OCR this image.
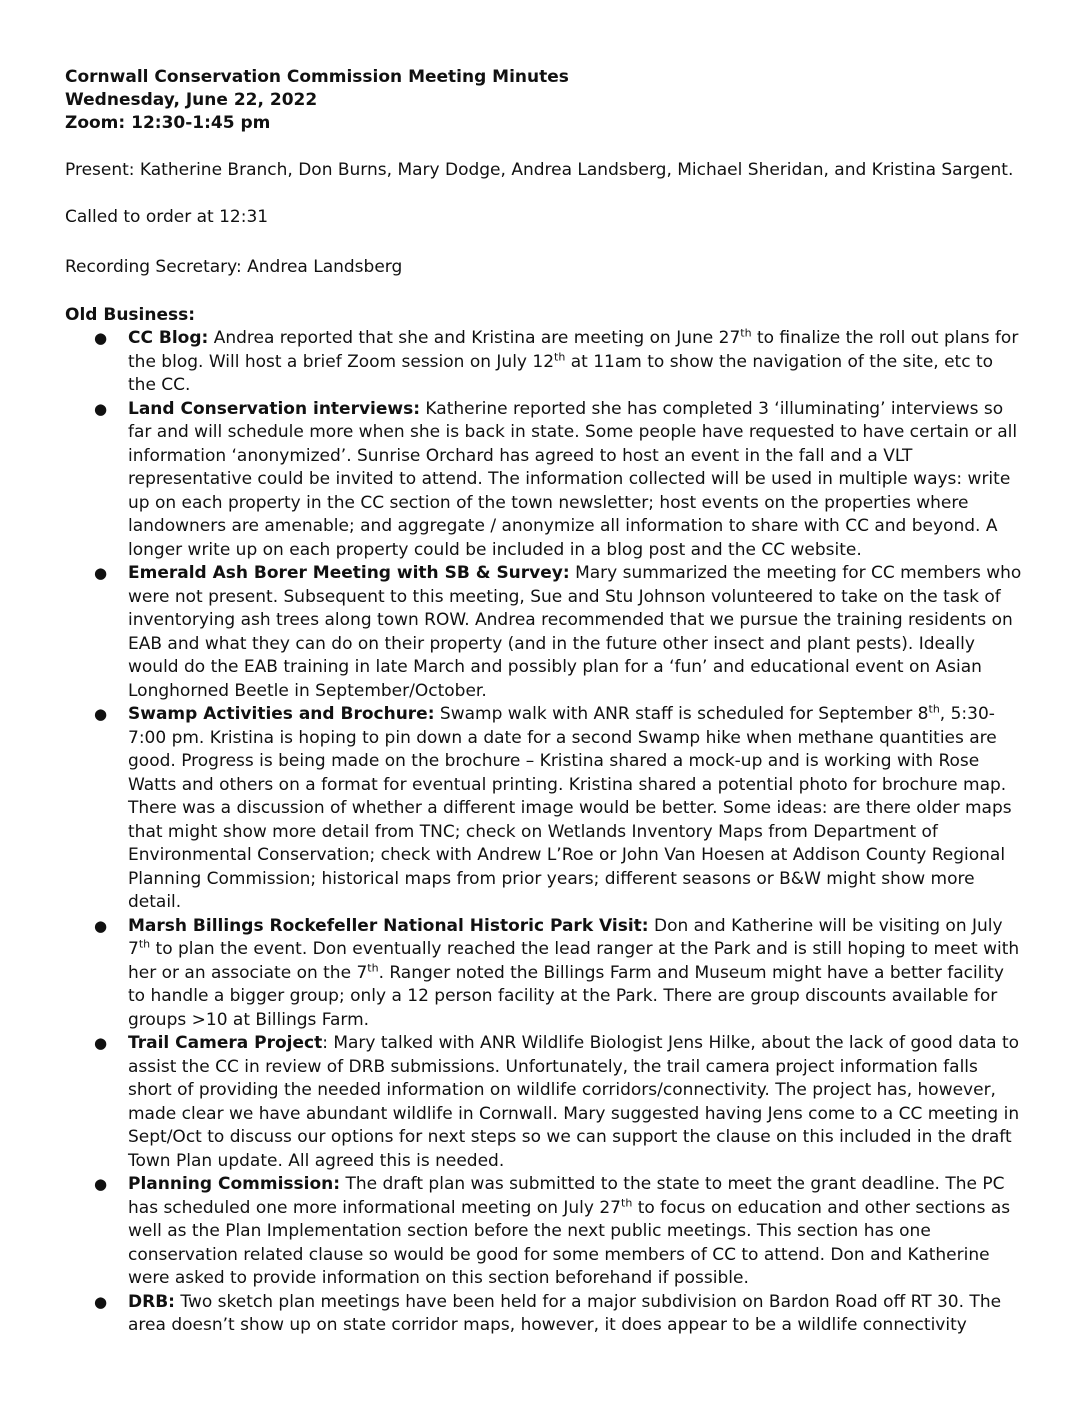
Cornwall Conservation Commission Meeting Minutes
Wednesday, June 22, 2022
Zoom: 12:30-1:45 pm
Present: Katherine Branch, Don Burns, Mary Dodge, Andrea Landsberg, Michael Sheridan, and Kristina Sargent.
Called to order at 12:31
Recording Secretary: Andrea Landsberg
Old Business:
● CC Blog: Andrea reported that she and Kristina are meeting on June 27th to finalize the roll out plans for the blog. Will host a brief Zoom session on July 12th at 11am to show the navigation of the site, etc to the CC.
● Land Conservation interviews: Katherine reported she has completed 3 ‘illuminating’ interviews so far and will schedule more when she is back in state. Some people have requested to have certain or all information ‘anonymized’. Sunrise Orchard has agreed to host an event in the fall and a VLT representative could be invited to attend. The information collected will be used in multiple ways: write up on each property in the CC section of the town newsletter; host events on the properties where landowners are amenable; and aggregate / anonymize all information to share with CC and beyond. A longer write up on each property could be included in a blog post and the CC website.
● Emerald Ash Borer Meeting with SB & Survey: Mary summarized the meeting for CC members who were not present. Subsequent to this meeting, Sue and Stu Johnson volunteered to take on the task of inventorying ash trees along town ROW. Andrea recommended that we pursue the training residents on EAB and what they can do on their property (and in the future other insect and plant pests). Ideally would do the EAB training in late March and possibly plan for a ‘fun’ and educational event on Asian Longhorned Beetle in September/October.
● Swamp Activities and Brochure: Swamp walk with ANR staff is scheduled for September 8th, 5:30-7:00 pm. Kristina is hoping to pin down a date for a second Swamp hike when methane quantities are good. Progress is being made on the brochure – Kristina shared a mock-up and is working with Rose Watts and others on a format for eventual printing. Kristina shared a potential photo for brochure map. There was a discussion of whether a different image would be better. Some ideas: are there older maps that might show more detail from TNC; check on Wetlands Inventory Maps from Department of Environmental Conservation; check with Andrew L’Roe or John Van Hoesen at Addison County Regional Planning Commission; historical maps from prior years; different seasons or B&W might show more detail.
● Marsh Billings Rockefeller National Historic Park Visit: Don and Katherine will be visiting on July 7th to plan the event. Don eventually reached the lead ranger at the Park and is still hoping to meet with her or an associate on the 7th. Ranger noted the Billings Farm and Museum might have a better facility to handle a bigger group; only a 12 person facility at the Park. There are group discounts available for groups >10 at Billings Farm.
● Trail Camera Project: Mary talked with ANR Wildlife Biologist Jens Hilke, about the lack of good data to assist the CC in review of DRB submissions. Unfortunately, the trail camera project information falls short of providing the needed information on wildlife corridors/connectivity. The project has, however, made clear we have abundant wildlife in Cornwall. Mary suggested having Jens come to a CC meeting in Sept/Oct to discuss our options for next steps so we can support the clause on this included in the draft Town Plan update. All agreed this is needed.
● Planning Commission: The draft plan was submitted to the state to meet the grant deadline. The PC has scheduled one more informational meeting on July 27th to focus on education and other sections as well as the Plan Implementation section before the next public meetings. This section has one conservation related clause so would be good for some members of CC to attend. Don and Katherine were asked to provide information on this section beforehand if possible.
● DRB: Two sketch plan meetings have been held for a major subdivision on Bardon Road off RT 30. The area doesn’t show up on state corridor maps, however, it does appear to be a wildlife connectivity
